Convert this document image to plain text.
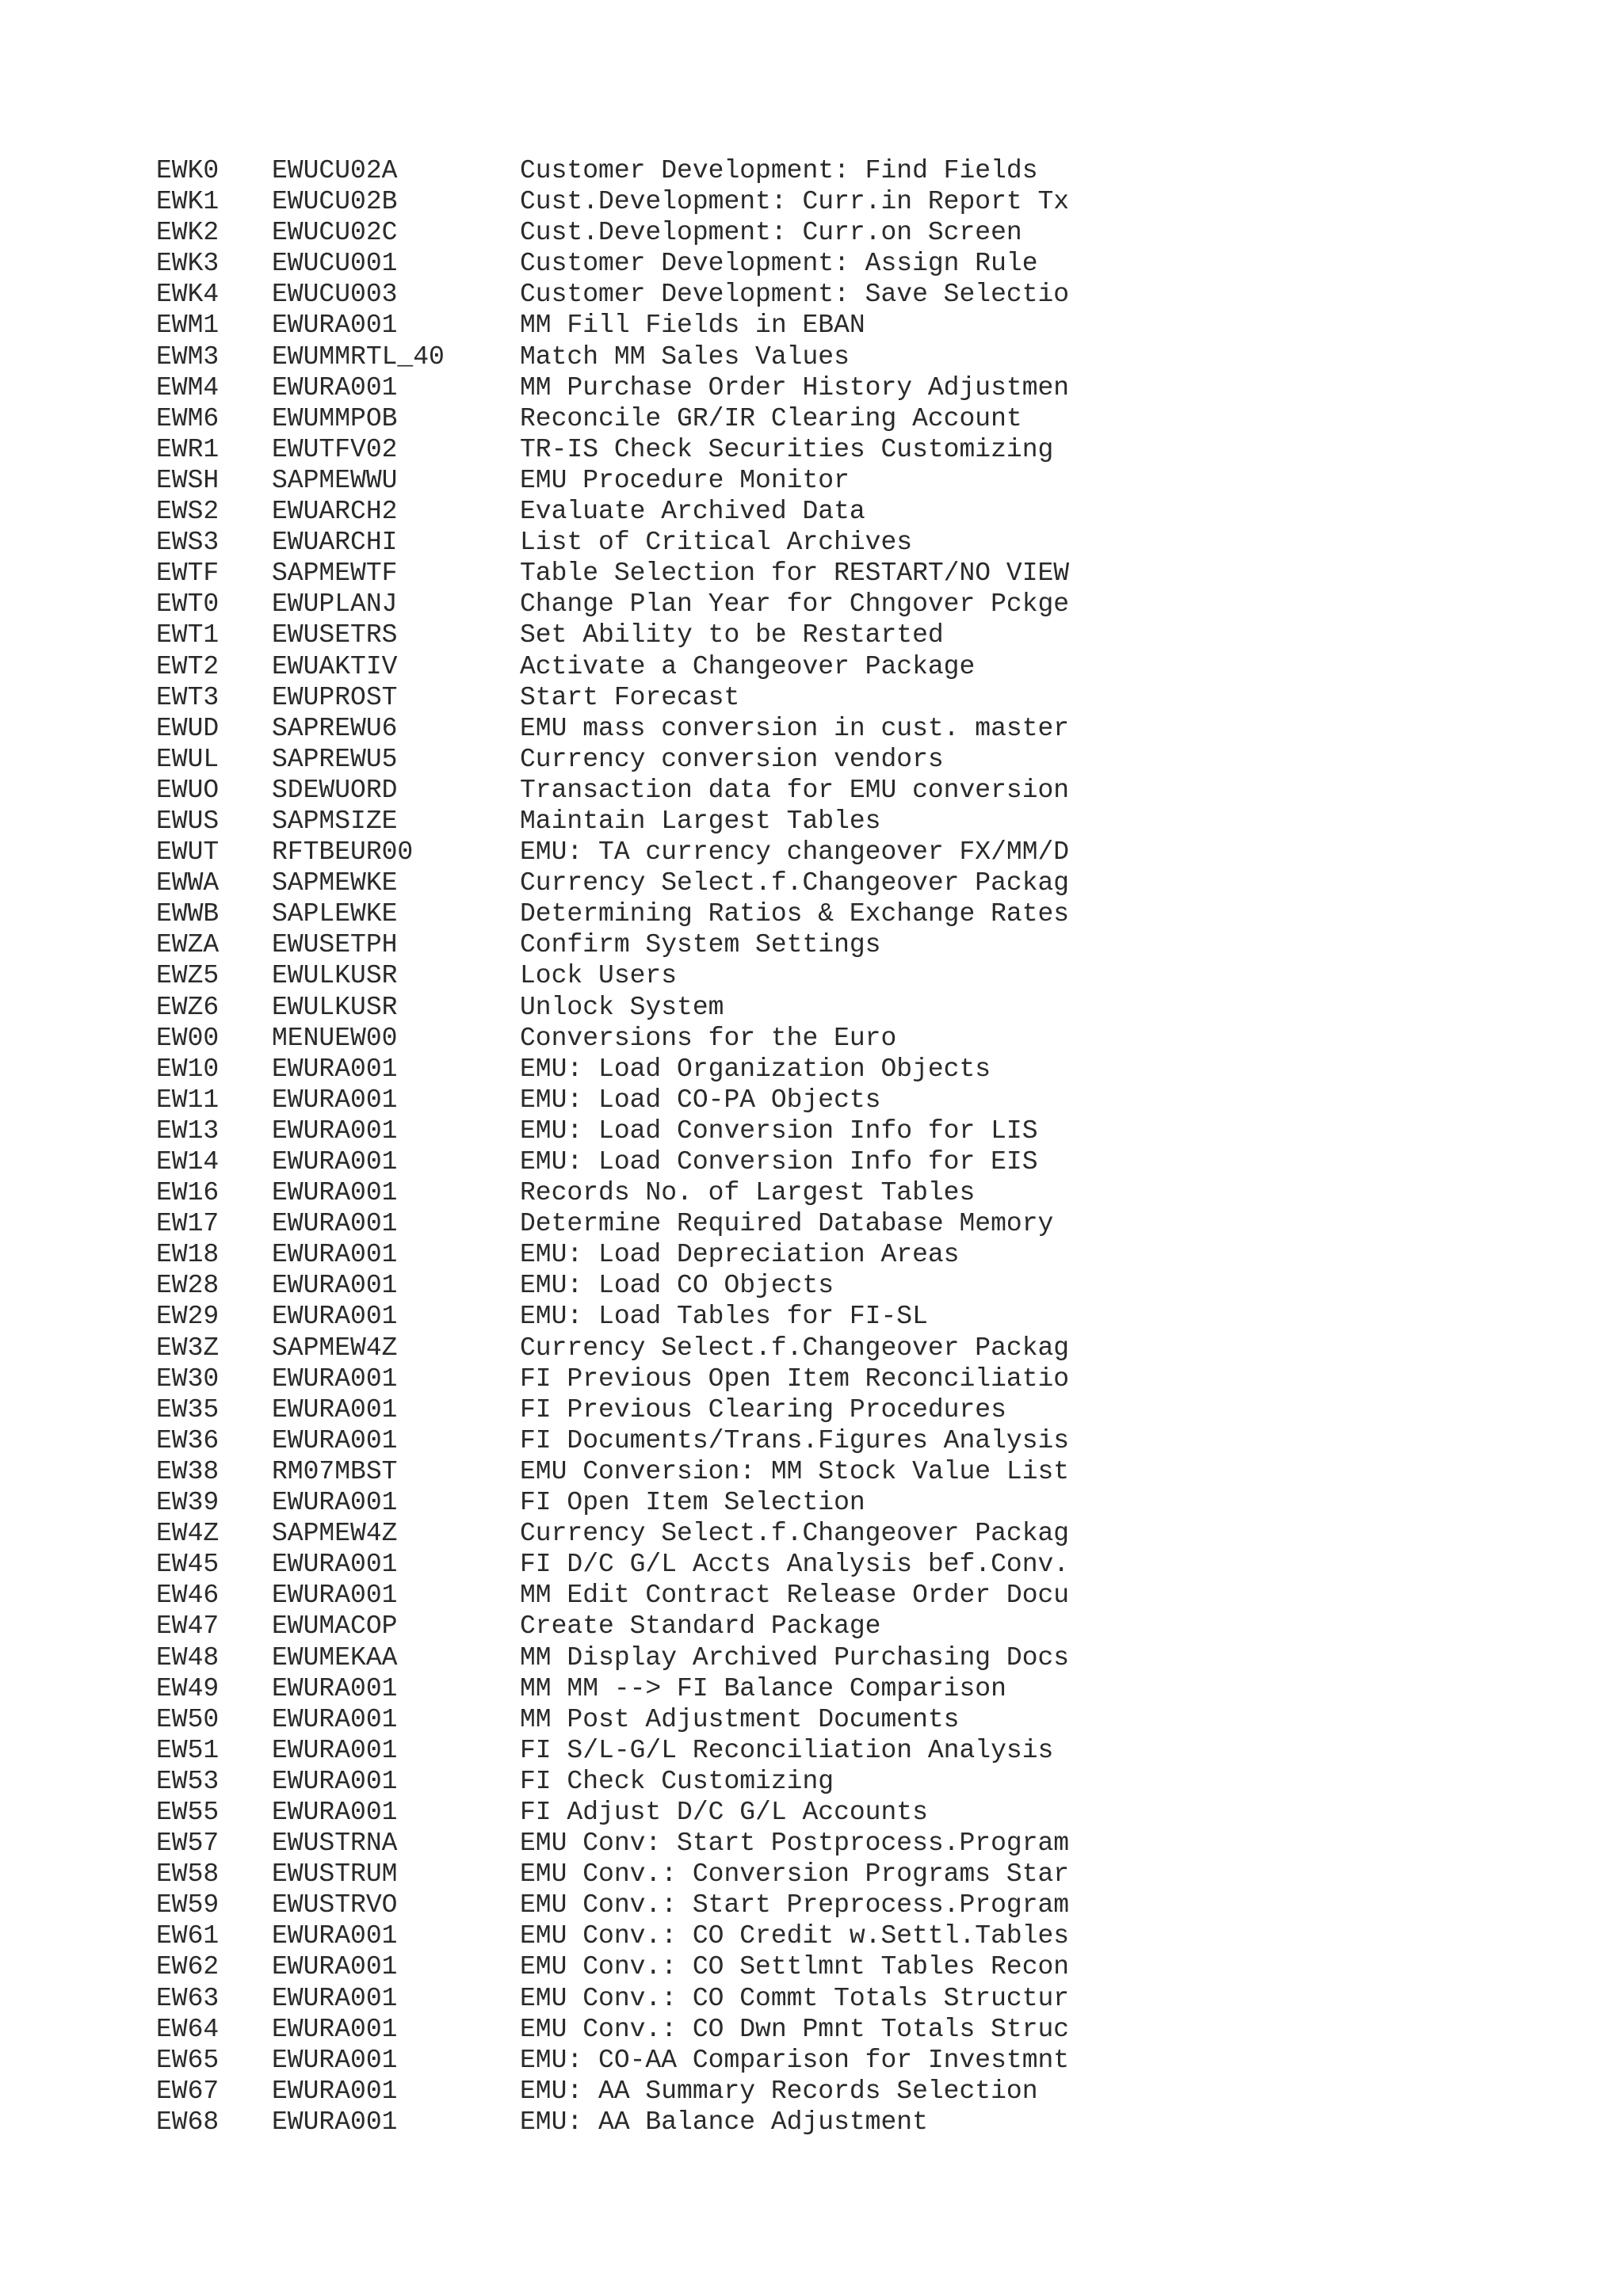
EWK0 EWUCU02A	Customer Development: Find Fields
EWK1 EWUCU02B	Cust.Development: Curr.in Report Tx
EWK2 EWUCU02C	Cust.Development: Curr.on Screen
EWK3 EWUCU001	Customer Development: Assign Rule
EWK4 EWUCU003	Customer Development: Save Selectio
EWM1 EWURA001	MM Fill Fields in EBAN
EWM3 EWUMMRTL_40	Match MM Sales Values
EWM4 EWURA001	MM Purchase Order History Adjustmen
EWM6 EWUMMPOB	Reconcile GR/IR Clearing Account
EWR1 EWUTFV02	TR-IS Check Securities Customizing
EWSH SAPMEWWU	EMU Procedure Monitor
EWS2 EWUARCH2	Evaluate Archived Data
EWS3 EWUARCHI	List of Critical Archives
EWTF SAPMEWTF	Table Selection for RESTART/NO VIEW
EWT0 EWUPLANJ	Change Plan Year for Chngover Pckge
EWT1 EWUSETRS	Set Ability to be Restarted
EWT2 EWUAKTIV	Activate a Changeover Package
EWT3 EWUPROST	Start Forecast
EWUD SAPREWU6	EMU mass conversion in cust. master
EWUL SAPREWU5	Currency conversion vendors
EWUO SDEWUORD	Transaction data for EMU conversion
EWUS SAPMSIZE	Maintain Largest Tables
EWUT RFTBEUR00	EMU: TA currency changeover FX/MM/D
EWWA SAPMEWKE	Currency Select.f.Changeover Packag
EWWB SAPLEWKE	Determining Ratios & Exchange Rates
EWZA EWUSETPH	Confirm System Settings
EWZ5 EWULKUSR	Lock Users
EWZ6 EWULKUSR	Unlock System
EW00 MENUEW00	Conversions for the Euro
EW10 EWURA001	EMU: Load Organization Objects
EW11 EWURA001	EMU: Load CO-PA Objects
EW13 EWURA001	EMU: Load Conversion Info for LIS
EW14 EWURA001	EMU: Load Conversion Info for EIS
EW16 EWURA001	Records No. of Largest Tables
EW17 EWURA001	Determine Required Database Memory
EW18 EWURA001	EMU: Load Depreciation Areas
EW28 EWURA001	EMU: Load CO Objects
EW29 EWURA001	EMU: Load Tables for FI-SL
EW3Z SAPMEW4Z	Currency Select.f.Changeover Packag
EW30 EWURA001	FI Previous Open Item Reconciliatio
EW35 EWURA001	FI Previous Clearing Procedures
EW36 EWURA001	FI Documents/Trans.Figures Analysis
EW38 RM07MBST	EMU Conversion: MM Stock Value List
EW39 EWURA001	FI Open Item Selection
EW4Z SAPMEW4Z	Currency Select.f.Changeover Packag
EW45 EWURA001	FI D/C G/L Accts Analysis bef.Conv.
EW46 EWURA001	MM Edit Contract Release Order Docu
EW47 EWUMACOP	Create Standard Package
EW48 EWUMEKAA	MM Display Archived Purchasing Docs
EW49 EWURA001	MM MM --> FI Balance Comparison
EW50 EWURA001	MM Post Adjustment Documents
EW51 EWURA001	FI S/L-G/L Reconciliation Analysis
EW53 EWURA001	FI Check Customizing
EW55 EWURA001	FI Adjust D/C G/L Accounts
EW57 EWUSTRNA	EMU Conv: Start Postprocess.Program
EW58 EWUSTRUM	EMU Conv.: Conversion Programs Star
EW59 EWUSTRVO	EMU Conv.: Start Preprocess.Program
EW61 EWURA001	EMU Conv.: CO Credit w.Settl.Tables
EW62 EWURA001	EMU Conv.: CO Settlmnt Tables Recon
EW63 EWURA001	EMU Conv.: CO Commt Totals Structur
EW64 EWURA001	EMU Conv.: CO Dwn Pmnt Totals Struc
EW65 EWURA001	EMU: CO-AA Comparison for Investmnt
EW67 EWURA001	EMU: AA Summary Records Selection
EW68 EWURA001	EMU: AA Balance Adjustment
